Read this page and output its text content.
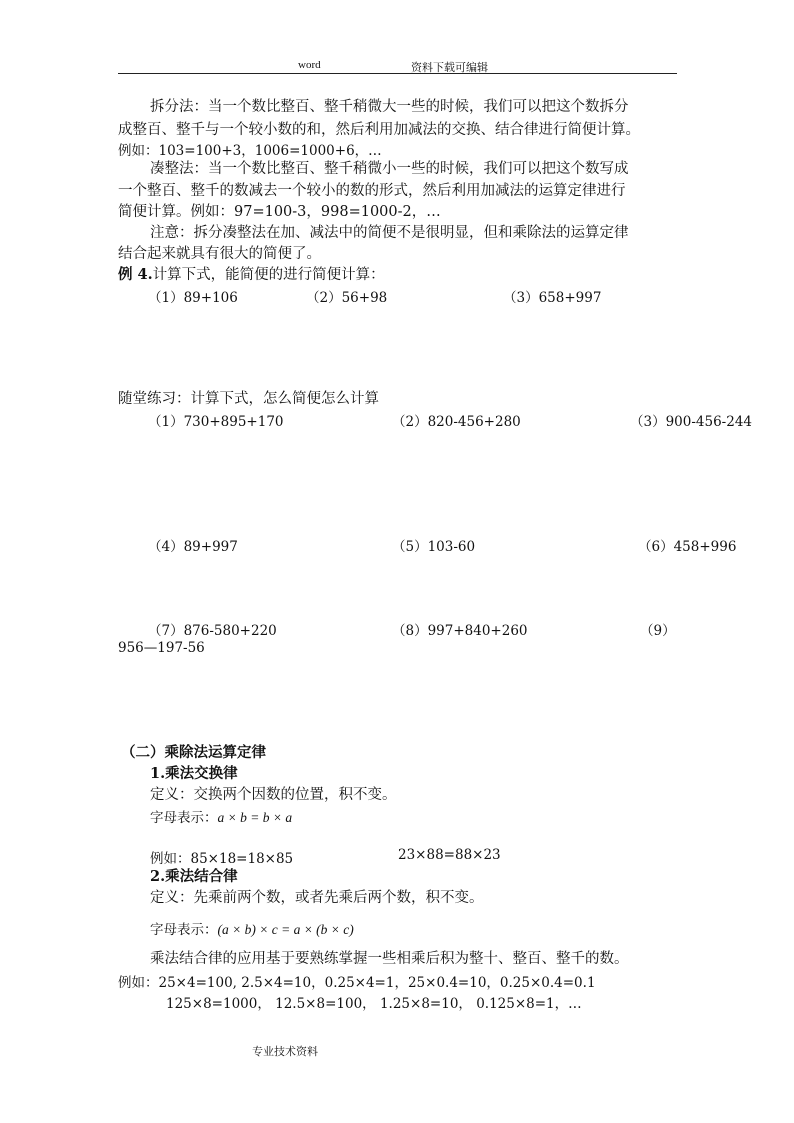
word	资料下载可编辑
拆分法：当一个数比整百、整千稍微大一些的时候，我们可以把这个数拆分
成整百、整千与一个较小数的和，然后利用加减法的交换、结合律进行简便计算。
例如：103=100+3，1006=1000+6，…
凑整法：当一个数比整百、整千稍微小一些的时候，我们可以把这个数写成
一个整百、整千的数减去一个较小的数的形式，然后利用加减法的运算定律进行
简便计算。例如：97=100-3，998=1000-2，…
注意：拆分凑整法在加、减法中的简便不是很明显，但和乘除法的运算定律
结合起来就具有很大的简便了。
例 4.计算下式，能简便的进行简便计算：
（1）89+106	（2）56+98	（3）658+997
随堂练习：计算下式，怎么简便怎么计算
（1）730+895+170	（2）820-456+280	（3）900-456-244
（4）89+997	（5）103-60	（6）458+996
（7）876-580+220	（8）997+840+260	（9）
956—197-56
（二）乘除法运算定律
1.乘法交换律
定义：交换两个因数的位置，积不变。
字母表示：a × b = b × a
例如：85×18=18×85	23×88=88×23
2.乘法结合律
定义：先乘前两个数，或者先乘后两个数，积不变。
字母表示：(a × b) × c = a × (b × c)
乘法结合律的应用基于要熟练掌握一些相乘后积为整十、整百、整千的数。
例如：25×4=100, 2.5×4=10，0.25×4=1，25×0.4=10，0.25×0.4=0.1
125×8=1000， 12.5×8=100， 1.25×8=10， 0.125×8=1，…
专业技术资料
